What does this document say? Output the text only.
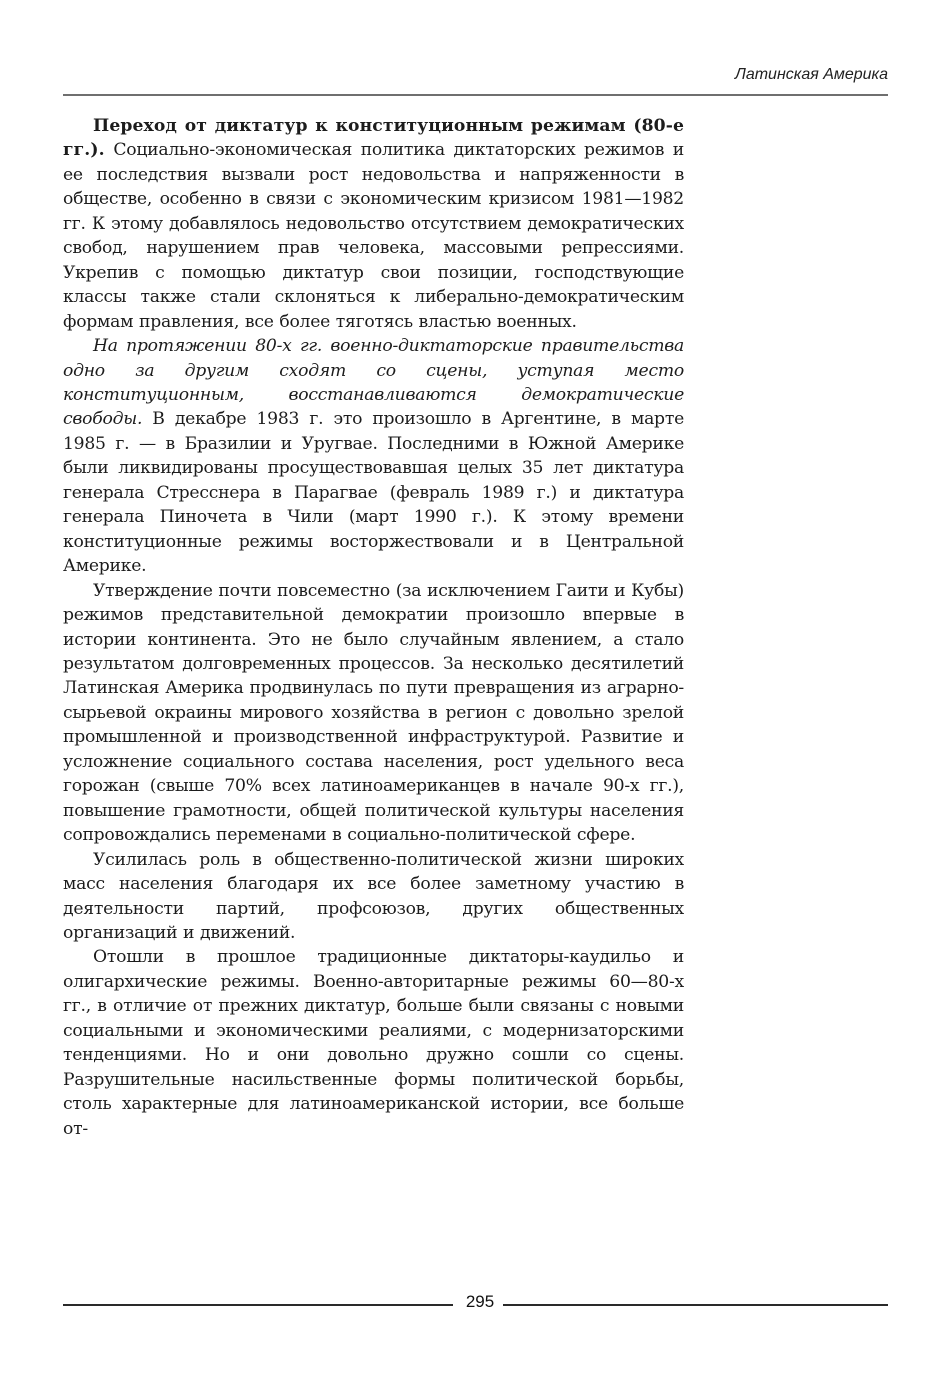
Латинская Америка

Переход от диктатур к конституционным режимам (80-е гг.). Социально-экономическая политика диктаторских режимов и ее последствия вызвали рост недовольства и напряженности в обществе, особенно в связи с экономическим кризисом 1981—1982 гг. К этому добавлялось недовольство отсутствием демократических свобод, нарушением прав человека, массовыми репрессиями. Укрепив с помощью диктатур свои позиции, господствующие классы также стали склоняться к либерально-демократическим формам правления, все более тяготясь властью военных.

На протяжении 80-х гг. военно-диктаторские правительства одно за другим сходят со сцены, уступая место конституционным, восстанавливаются демократические свободы. В декабре 1983 г. это произошло в Аргентине, в марте 1985 г. — в Бразилии и Уругвае. Последними в Южной Америке были ликвидированы просуществовавшая целых 35 лет диктатура генерала Стресснера в Парагвае (февраль 1989 г.) и диктатура генерала Пиночета в Чили (март 1990 г.). К этому времени конституционные режимы восторжествовали и в Центральной Америке.

Утверждение почти повсеместно (за исключением Гаити и Кубы) режимов представительной демократии произошло впервые в истории континента. Это не было случайным явлением, а стало результатом долговременных процессов. За несколько десятилетий Латинская Америка продвинулась по пути превращения из аграрно-сырьевой окраины мирового хозяйства в регион с довольно зрелой промышленной и производственной инфраструктурой. Развитие и усложнение социального состава населения, рост удельного веса горожан (свыше 70% всех латиноамериканцев в начале 90-х гг.), повышение грамотности, общей политической культуры населения сопровождались переменами в социально-политической сфере.

Усилилась роль в общественно-политической жизни широких масс населения благодаря их все более заметному участию в деятельности партий, профсоюзов, других общественных организаций и движений.

Отошли в прошлое традиционные диктаторы-каудильо и олигархические режимы. Военно-авторитарные режимы 60—80-х гг., в отличие от прежних диктатур, больше были связаны с новыми социальными и экономическими реалиями, с модернизаторскими тенденциями. Но и они довольно дружно сошли со сцены. Разрушительные насильственные формы политической борьбы, столь характерные для латиноамериканской истории, все больше от-

295
